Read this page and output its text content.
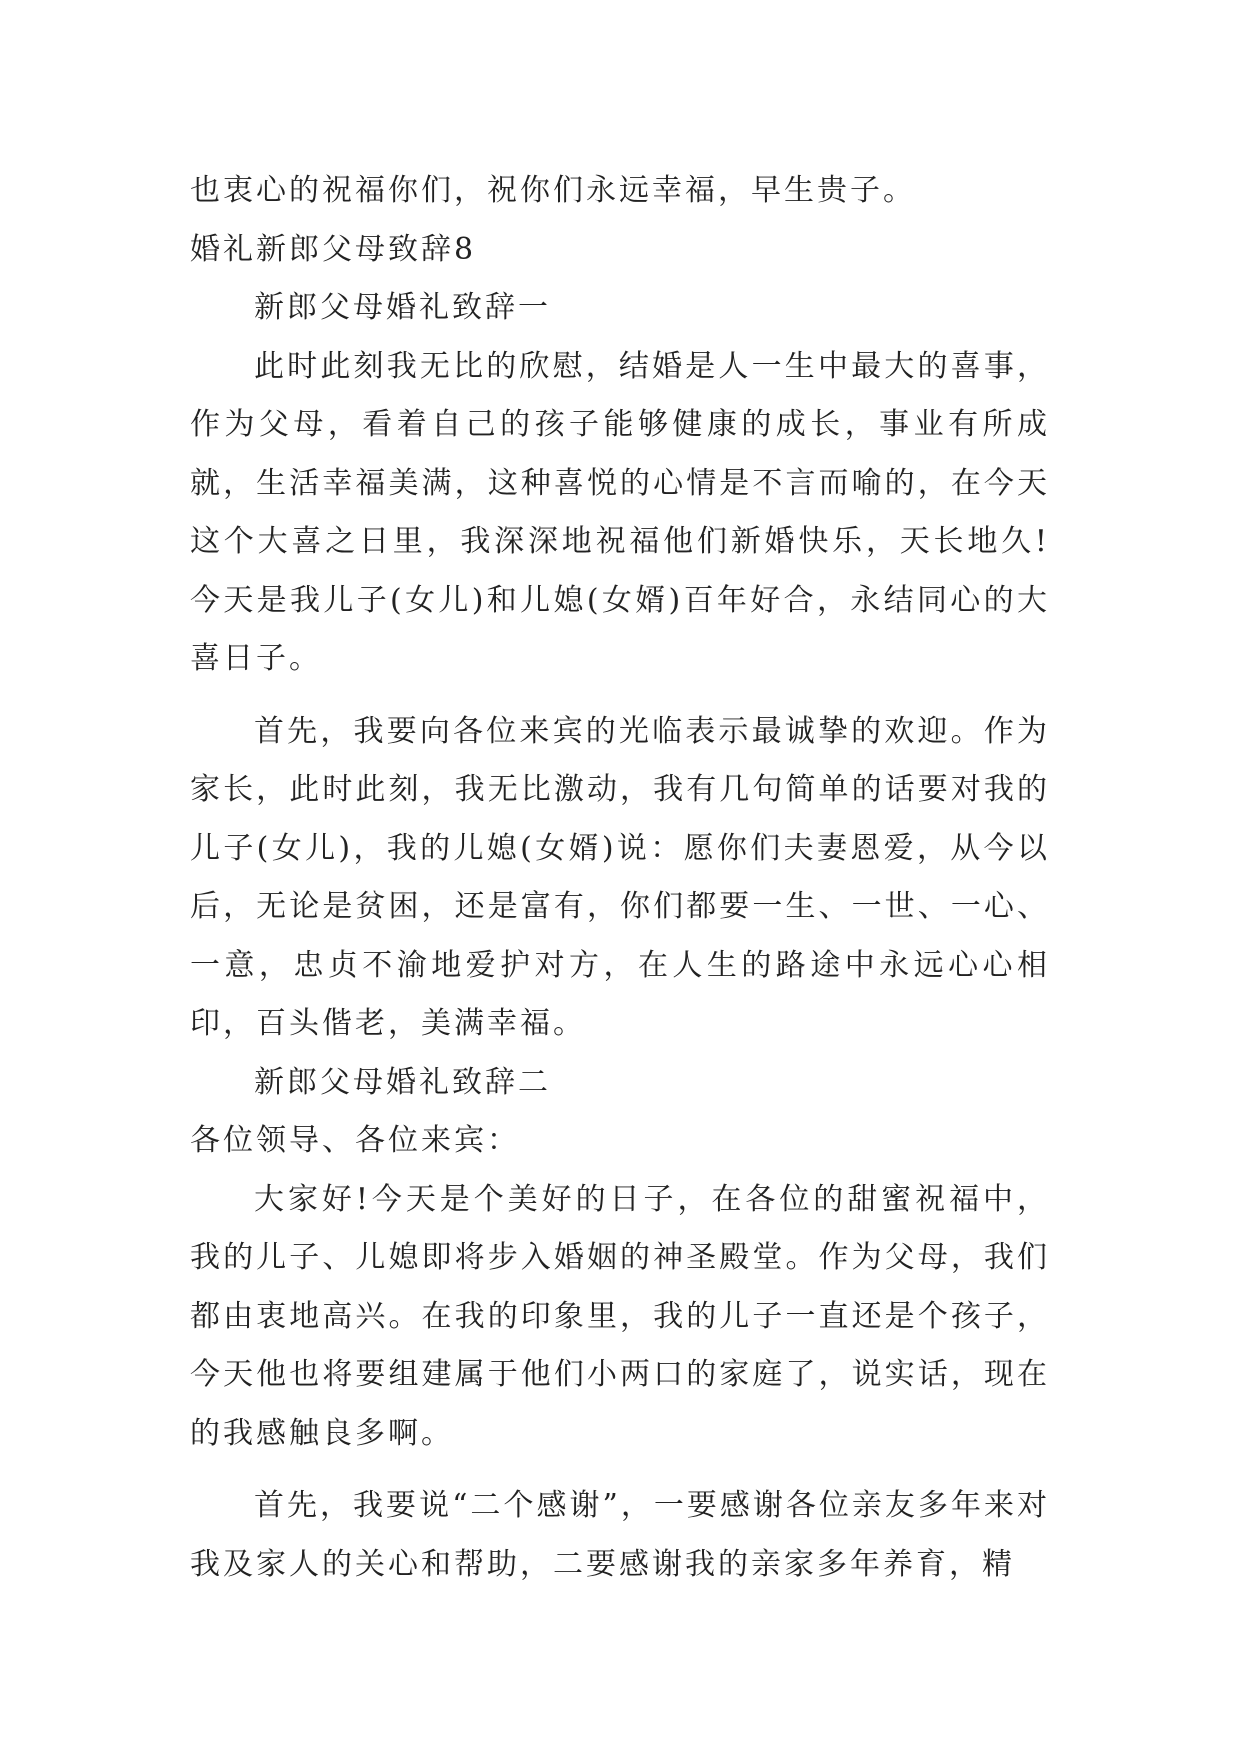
也衷心的祝福你们，祝你们永远幸福，早生贵子。

婚礼新郎父母致辞8

新郎父母婚礼致辞一

此时此刻我无比的欣慰，结婚是人一生中最大的喜事，作为父母，看着自己的孩子能够健康的成长，事业有所成就，生活幸福美满，这种喜悦的心情是不言而喻的，在今天这个大喜之日里，我深深地祝福他们新婚快乐，天长地久!今天是我儿子(女儿)和儿媳(女婿)百年好合，永结同心的大喜日子。

首先，我要向各位来宾的光临表示最诚挚的欢迎。作为家长，此时此刻，我无比激动，我有几句简单的话要对我的儿子(女儿)，我的儿媳(女婿)说：愿你们夫妻恩爱，从今以后，无论是贫困，还是富有，你们都要一生、一世、一心、一意，忠贞不渝地爱护对方，在人生的路途中永远心心相印，百头偕老，美满幸福。

新郎父母婚礼致辞二

各位领导、各位来宾：

大家好!今天是个美好的日子，在各位的甜蜜祝福中，我的儿子、儿媳即将步入婚姻的神圣殿堂。作为父母，我们都由衷地高兴。在我的印象里，我的儿子一直还是个孩子，今天他也将要组建属于他们小两口的家庭了，说实话，现在的我感触良多啊。

首先，我要说“二个感谢”，一要感谢各位亲友多年来对我及家人的关心和帮助，二要感谢我的亲家多年养育，精
